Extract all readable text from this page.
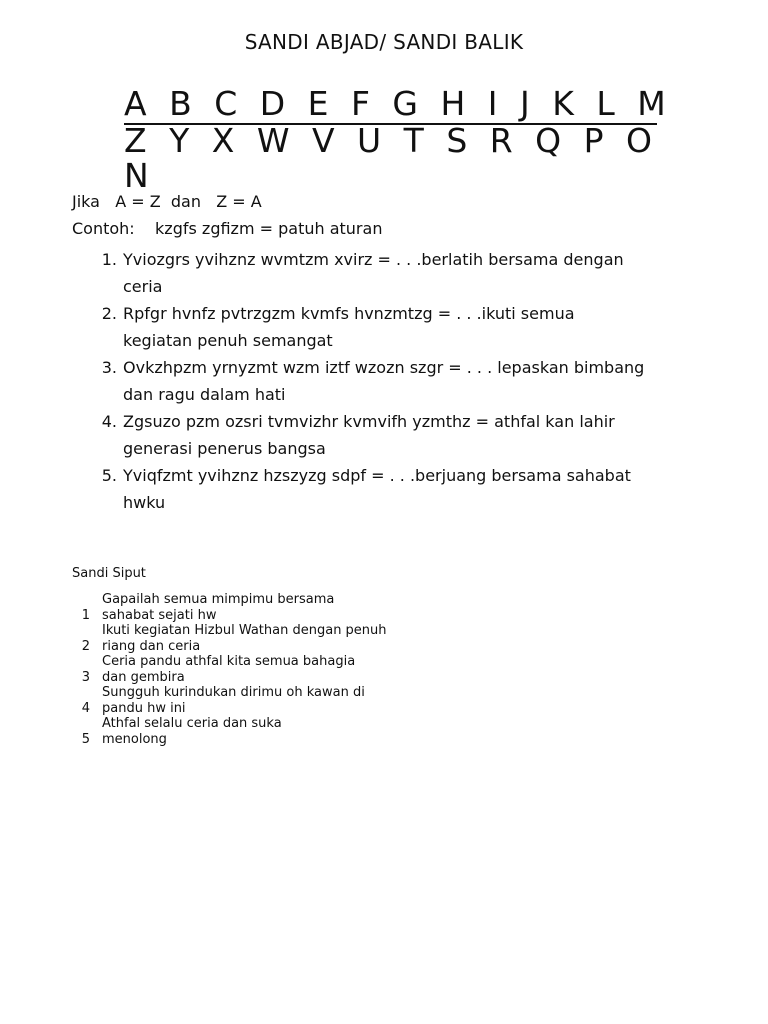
SANDI ABJAD/ SANDI BALIK
A B C D E F G H I J K L M
Z Y X W V U T S R Q P O
N
Jika   A = Z  dan   Z = A
Contoh:    kzgfs zgfizm = patuh aturan
1. Yviozgrs yvihznz wvmtzm xvirz = . . .berlatih bersama dengan
ceria
2. Rpfgr hvnfz pvtrzgzm kvmfs hvnzmtzg = . . .ikuti semua
kegiatan penuh semangat
3. Ovkzhpzm yrnyzmt wzm iztf wzozn szgr = . . . lepaskan bimbang
dan ragu dalam hati
4. Zgsuzo pzm ozsri tvmvizhr kvmvifh yzmthz = athfal kan lahir
generasi penerus bangsa
5. Yviqfzmt yvihznz hzszyzg sdpf = . . .berjuang bersama sahabat
hwku
Sandi Siput
1
Gapailah semua mimpimu bersama
sahabat sejati hw
2
Ikuti kegiatan Hizbul Wathan dengan penuh
riang dan ceria
3
Ceria pandu athfal kita semua bahagia
dan gembira
4
Sungguh kurindukan dirimu oh kawan di
pandu hw ini
5
Athfal selalu ceria dan suka
menolong
